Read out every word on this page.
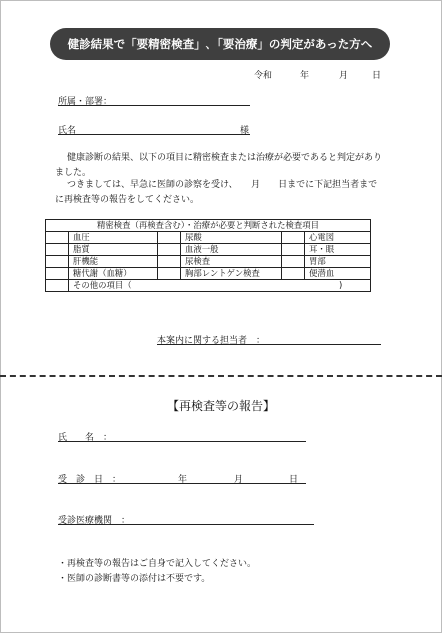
健診結果で「要精密検査」､「要治療」の判定があった方へ
令和	年	月	日
所属・部署：
氏名	様
健康診断の結果、以下の項目に精密検査または治療が必要であると判定がありました。
つきましては、早急に医師の診察を受け、　　月　　日までに下記担当者までに再検査等の報告をしてください。
精密検査（再検査含む）・治療が必要と判断された検査項目					
	血圧		尿酸		心電図
	脂質		血液一般		耳・眼
	肝機能		尿検査		胃部
	糖代謝（血糖）		胸部レントゲン検査		便潜血
	その他の項目（ )				
本案内に関する担当者　：
【再検査等の報告】
氏　　名　：
受　診　日　：	年	月	日
受診医療機関　：
・再検査等の報告はご自身で記入してください。
・医師の診断書等の添付は不要です。
